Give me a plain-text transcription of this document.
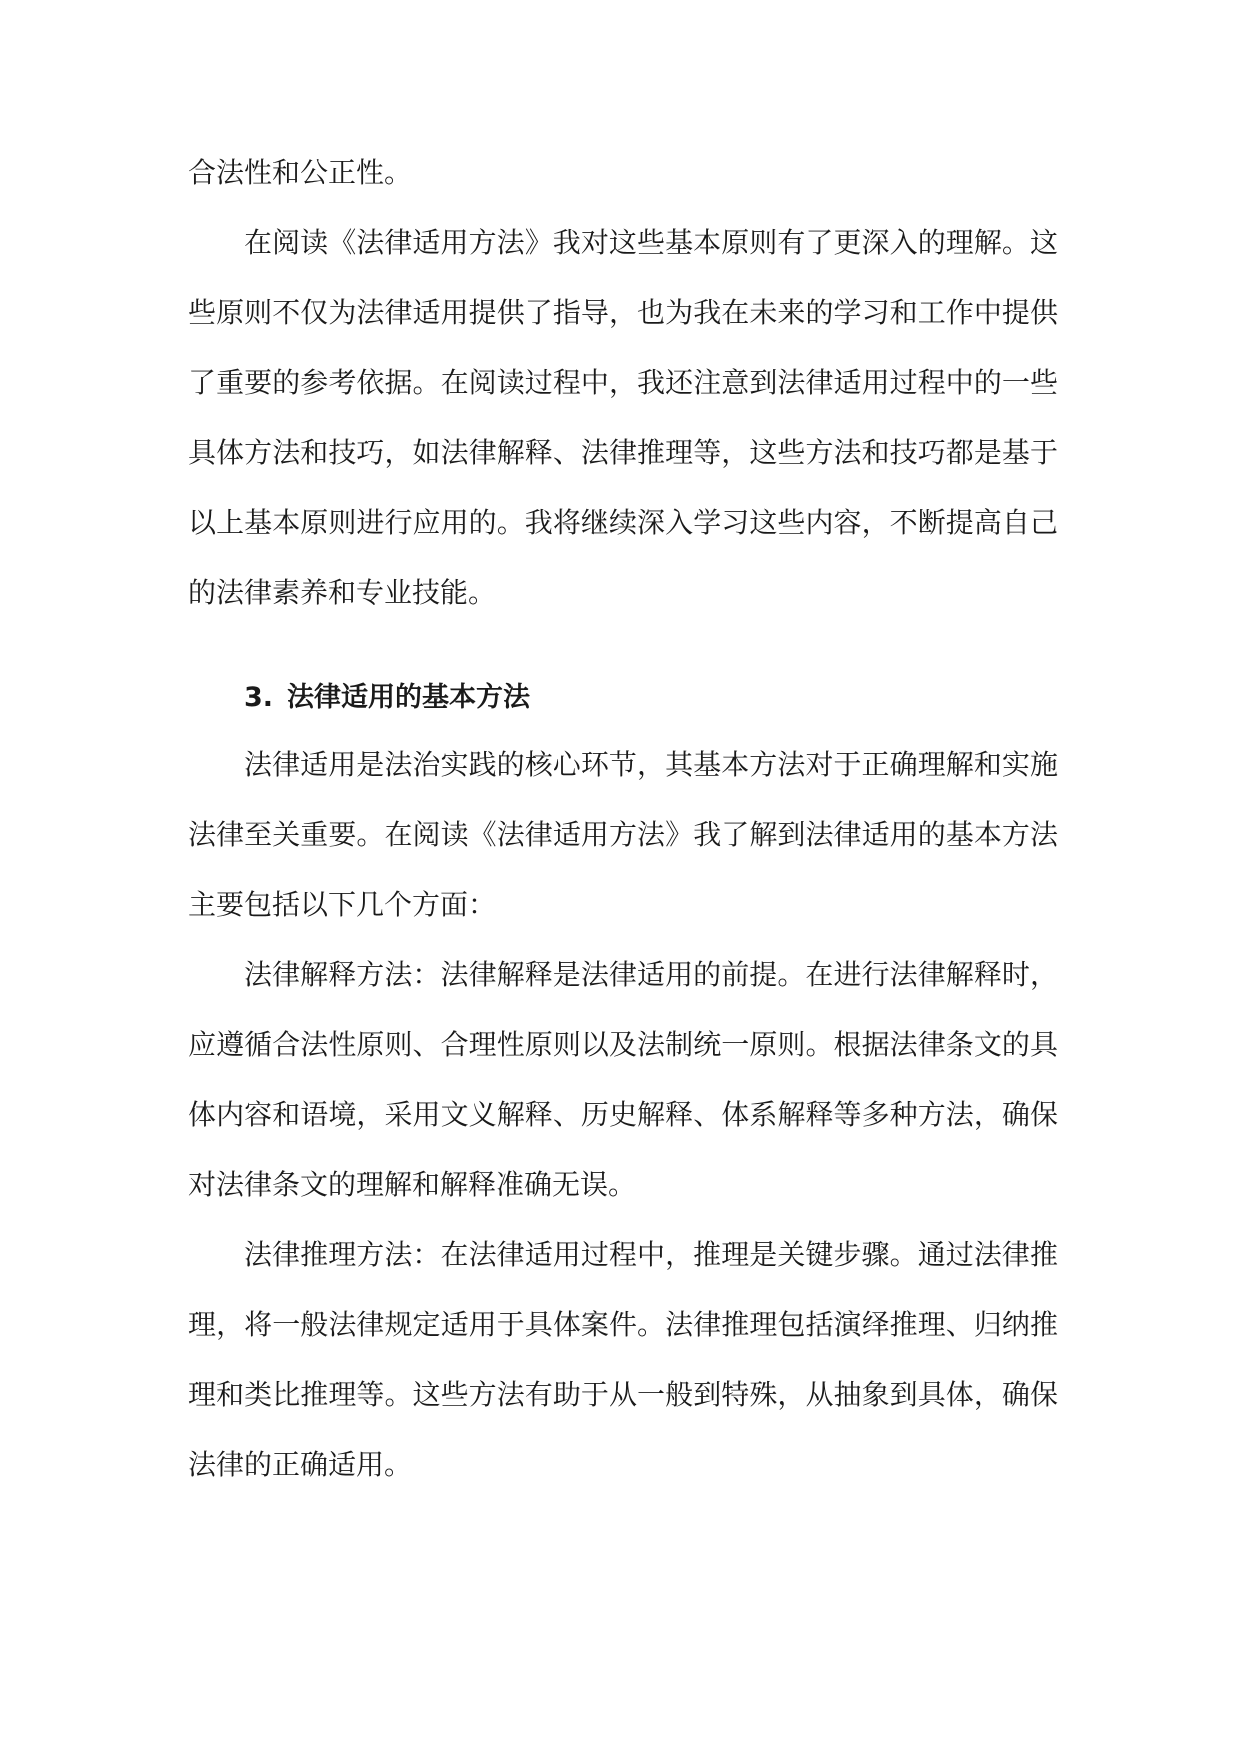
合法性和公正性。

在阅读《法律适用方法》我对这些基本原则有了更深入的理解。这些原则不仅为法律适用提供了指导，也为我在未来的学习和工作中提供了重要的参考依据。在阅读过程中，我还注意到法律适用过程中的一些具体方法和技巧，如法律解释、法律推理等，这些方法和技巧都是基于以上基本原则进行应用的。我将继续深入学习这些内容，不断提高自己的法律素养和专业技能。

3. 法律适用的基本方法

法律适用是法治实践的核心环节，其基本方法对于正确理解和实施法律至关重要。在阅读《法律适用方法》我了解到法律适用的基本方法主要包括以下几个方面：

法律解释方法：法律解释是法律适用的前提。在进行法律解释时，应遵循合法性原则、合理性原则以及法制统一原则。根据法律条文的具体内容和语境，采用文义解释、历史解释、体系解释等多种方法，确保对法律条文的理解和解释准确无误。

法律推理方法：在法律适用过程中，推理是关键步骤。通过法律推理，将一般法律规定适用于具体案件。法律推理包括演绎推理、归纳推理和类比推理等。这些方法有助于从一般到特殊，从抽象到具体，确保法律的正确适用。
